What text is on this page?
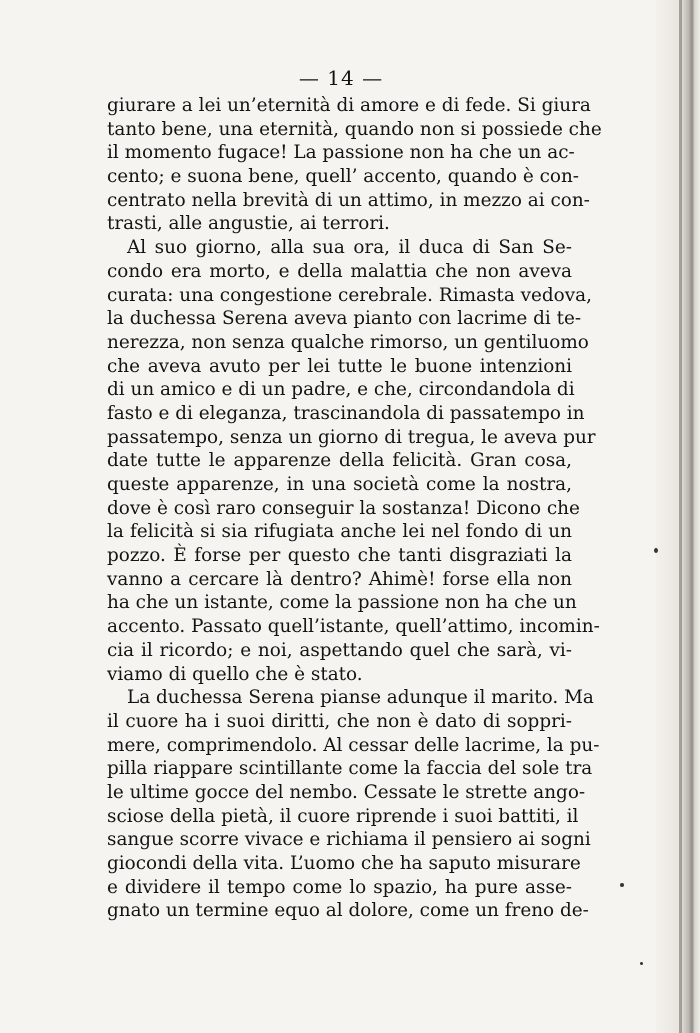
— 14 —
giurare a lei un’eternità di amore e di fede. Si giura
tanto bene, una eternità, quando non si possiede che
il momento fugace! La passione non ha che un ac-
cento; e suona bene, quell’ accento, quando è con-
centrato nella brevità di un attimo, in mezzo ai con-
trasti, alle angustie, ai terrori.
Al suo giorno, alla sua ora, il duca di San Se-
condo era morto, e della malattia che non aveva
curata: una congestione cerebrale. Rimasta vedova,
la duchessa Serena aveva pianto con lacrime di te-
nerezza, non senza qualche rimorso, un gentiluomo
che aveva avuto per lei tutte le buone intenzioni
di un amico e di un padre, e che, circondandola di
fasto e di eleganza, trascinandola di passatempo in
passatempo, senza un giorno di tregua, le aveva pur
date tutte le apparenze della felicità. Gran cosa,
queste apparenze, in una società come la nostra,
dove è così raro conseguir la sostanza! Dicono che
la felicità si sia rifugiata anche lei nel fondo di un
pozzo. È forse per questo che tanti disgraziati la
vanno a cercare là dentro? Ahimè! forse ella non
ha che un istante, come la passione non ha che un
accento. Passato quell’istante, quell’attimo, incomin-
cia il ricordo; e noi, aspettando quel che sarà, vi-
viamo di quello che è stato.
La duchessa Serena pianse adunque il marito. Ma
il cuore ha i suoi diritti, che non è dato di soppri-
mere, comprimendolo. Al cessar delle lacrime, la pu-
pilla riappare scintillante come la faccia del sole tra
le ultime gocce del nembo. Cessate le strette ango-
sciose della pietà, il cuore riprende i suoi battiti, il
sangue scorre vivace e richiama il pensiero ai sogni
giocondi della vita. L’uomo che ha saputo misurare
e dividere il tempo come lo spazio, ha pure asse-
gnato un termine equo al dolore, come un freno de-
